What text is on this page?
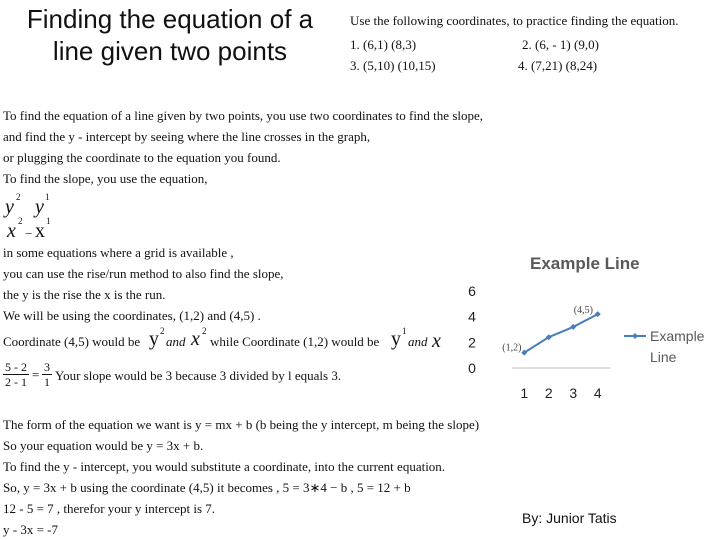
Finding the equation of a
line given two points
Use the following coordinates, to practice finding the equation.
1. (6,1) (8,3)	2. (6, - 1) (9,0)
3. (5,10) (10,15)	4. (7,21) (8,24)
To find the equation of a line given by two points, you use two coordinates to find the slope,
and find the y - intercept by seeing where the line crosses in the graph,
or plugging the coordinate to the equation you found.
To find the slope, you use the equation,
y 2 y 1
x 2
− x 1
in some equations where a grid is available ,
you can use the rise/run method to also find the slope,
the y is the rise the x is the run.
We will be using the coordinates, (1,2) and (4,5) .
Coordinate (4,5) would be y 2
and x 2
while Coordinate (1,2) would be y 1
and x
$\frac{5 - 2}{2 - 1} = \frac{3}{1}$ Your slope would be 3 because 3 divided by l equals 3.
The form of the equation we want is y = mx + b (b being the y intercept, m being the slope)
So your equation would be y = 3x + b.
To find the y - intercept, you would substitute a coordinate, into the current equation.
So, y = 3x + b using the coordinate (4,5) it becomes , 5 = 3∗4 − b , 5 = 12 + b
12 - 5 = 7 , therefor your y intercept is 7.
y - 3x = -7
Example Line
0
2
4
6
1 2 3 4
(1,2)
(4,5)
Example
Line
By: Junior Tatis
